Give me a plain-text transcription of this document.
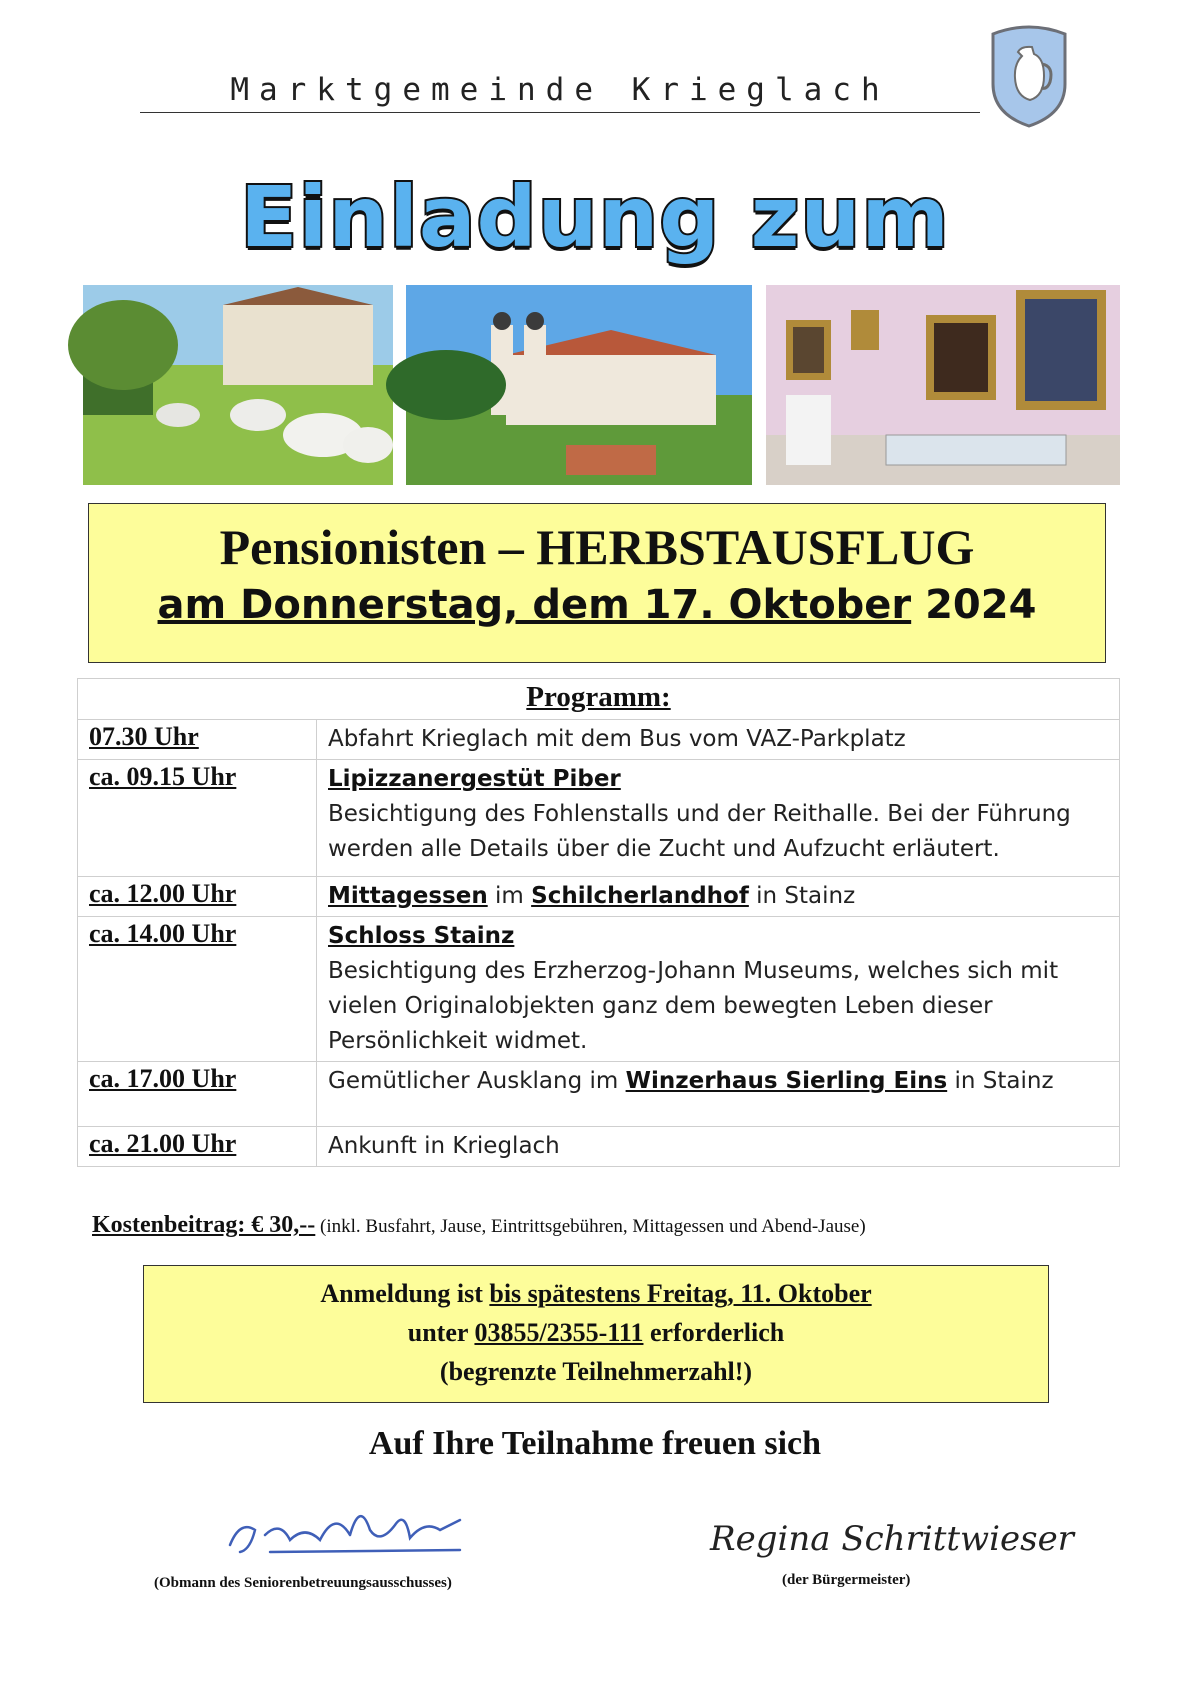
Marktgemeinde Krieglach
Einladung zum
Pensionisten – HERBSTAUSFLUG
am Donnerstag, dem 17. Oktober 2024
Programm:	
07.30 Uhr	Abfahrt Krieglach mit dem Bus vom VAZ-Parkplatz
ca. 09.15 Uhr	Lipizzanergestüt Piber
Besichtigung des Fohlenstalls und der Reithalle. Bei der Führung werden alle Details über die Zucht und Aufzucht erläutert.

ca. 12.00 Uhr	Mittagessen im Schilcherlandhof in Stainz
ca. 14.00 Uhr	Schloss Stainz
Besichtigung des Erzherzog-Johann Museums, welches sich mit vielen Originalobjekten ganz dem bewegten Leben dieser Persönlichkeit widmet.

ca. 17.00 Uhr	Gemütlicher Ausklang im Winzerhaus Sierling Eins in Stainz
ca. 21.00 Uhr	Ankunft in Krieglach
Kostenbeitrag: € 30,-- (inkl. Busfahrt, Jause, Eintrittsgebühren, Mittagessen und Abend-Jause)
Anmeldung ist bis spätestens Freitag, 11. Oktober
unter 03855/2355-111 erforderlich
(begrenzte Teilnehmerzahl!)
Auf Ihre Teilnahme freuen sich
Regina Schrittwieser
(Obmann des Seniorenbetreuungsausschusses)	(der Bürgermeister)
